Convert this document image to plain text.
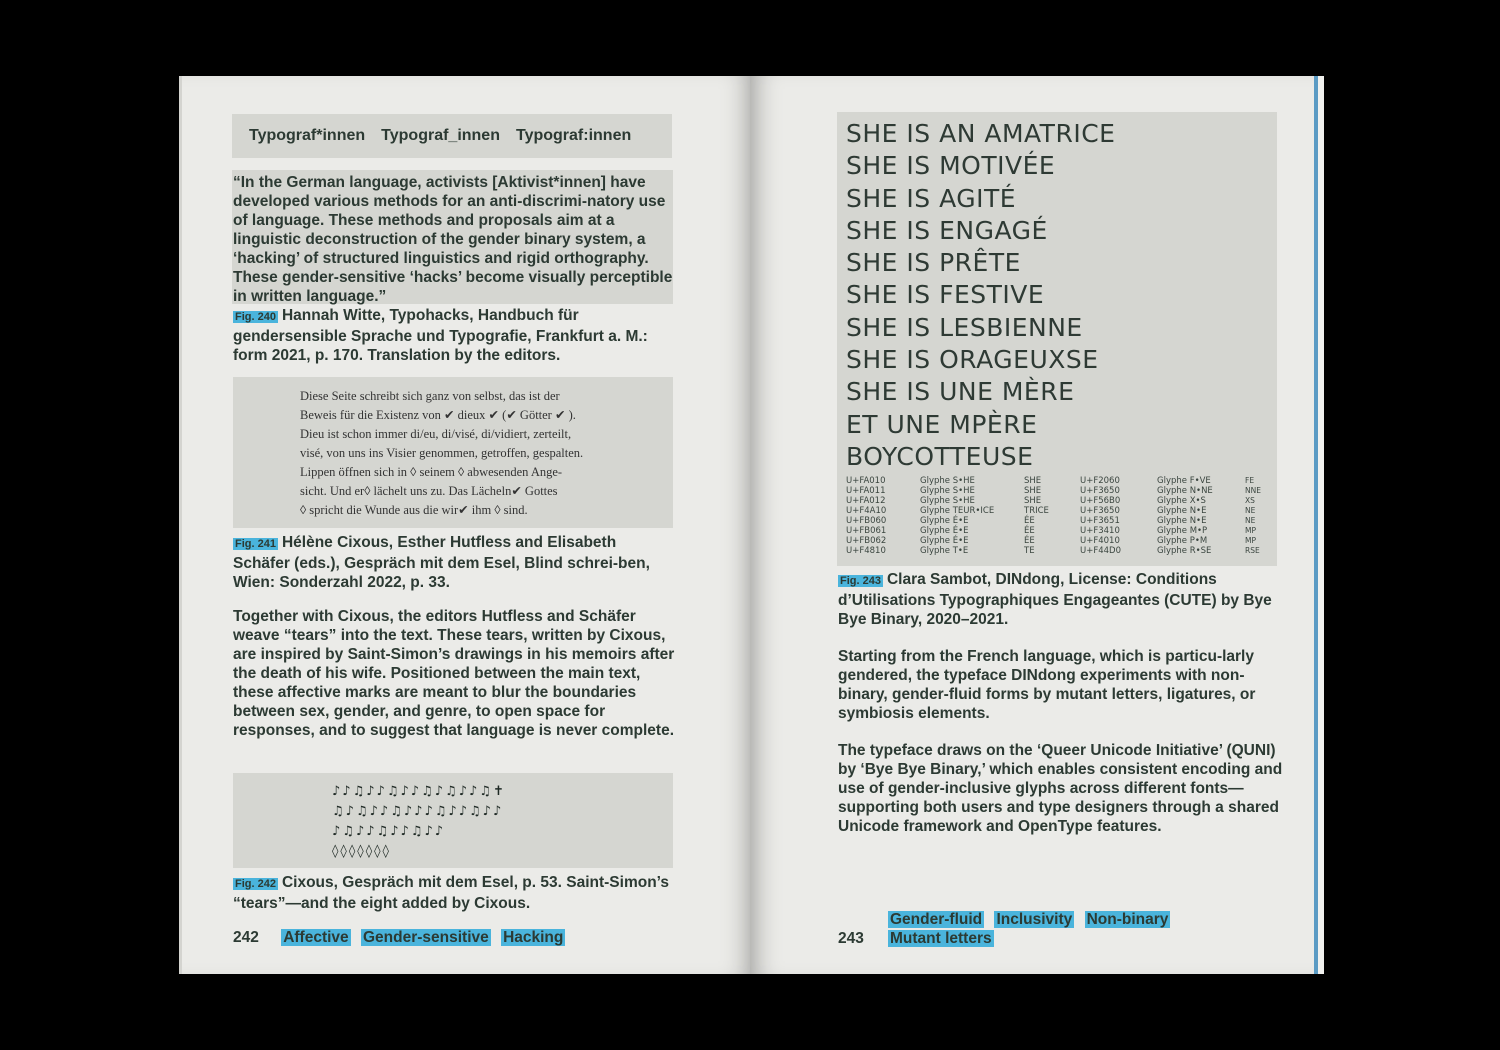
Typograf*innen Typograf_innen Typograf:innen

“In the German language, activists [Aktivist*innen] have developed various methods for an anti-discrimi-natory use of language. These methods and proposals aim at a linguistic deconstruction of the gender binary system, a ‘hacking’ of structured linguistics and rigid orthography. These gender-sensitive ‘hacks’ become visually perceptible in written language.”

Fig. 240 Hannah Witte, Typohacks, Handbuch für gendersensible Sprache und Typografie, Frankfurt a. M.: form 2021, p. 170. Translation by the editors.

Diese Seite schreibt sich ganz von selbst, das ist der

Beweis für die Existenz von ✔ dieux ✔ (✔ Götter ✔ ).

Dieu ist schon immer di/eu, di/visé, di/vidiert, zerteilt,

visé, von uns ins Visier genommen, getroffen, gespalten.

Lippen öffnen sich in ◊ seinem ◊ abwesenden Ange-

sicht. Und er◊ lächelt uns zu. Das Lächeln✔ Gottes

◊ spricht die Wunde aus die wir✔ ihm ◊ sind.

Fig. 241 Hélène Cixous, Esther Hutfless and Elisabeth Schäfer (eds.), Gespräch mit dem Esel, Blind schrei-ben, Wien: Sonderzahl 2022, p. 33.

Together with Cixous, the editors Hutfless and Schäfer weave “tears” into the text. These tears, written by Cixous, are inspired by Saint-Simon’s drawings in his memoirs after the death of his wife. Positioned between the main text, these affective marks are meant to blur the boundaries between sex, gender, and genre, to open space for responses, and to suggest that language is never complete.

♪♪♫♪♪♫♪♪♫♪♫♪♪♫✝
♫♪♫♪♪♫♪♪♪♫♪♪♫♪♪
♪♫♪♪♫♪♪♫♪♪
◊◊◊◊◊◊◊

Fig. 242 Cixous, Gespräch mit dem Esel, p. 53. Saint-Simon’s “tears”—and the eight added by Cixous.

242 Affective Gender-sensitive Hacking
SHE IS AN AMATRICE
SHE IS MOTIVÉE
SHE IS AGITÉ
SHE IS ENGAGÉ
SHE IS PRÊTE
SHE IS FESTIVE
SHE IS LESBIENNE
SHE IS ORAGEUXSE
SHE IS UNE MÈRE
ET UNE MPÈRE
BOYCOTTEUSE
U+FA010	Glyphe S•HE	SHE	U+F2060	Glyphe F•VE	FE
U+FA011	Glyphe S•HE	SHE	U+F3650	Glyphe N•NE	NNE
U+FA012	Glyphe S•HE	SHE	U+F56B0	Glyphe X•S	XS
U+F4A10	Glyphe TEUR•ICE	TRICE	U+F3650	Glyphe N•E	NE
U+FB060	Glyphe É•E	ÉE	U+F3651	Glyphe N•E	NE
U+FB061	Glyphe É•E	ÉE	U+F3410	Glyphe M•P	MP
U+FB062	Glyphe É•E	ÉE	U+F4010	Glyphe P•M	MP
U+F4810	Glyphe T•E	TE	U+F44D0	Glyphe R•SE	RSE

Fig. 243 Clara Sambot, DINdong, License: Conditions d’Utilisations Typographiques Engageantes (CUTE) by Bye Bye Binary, 2020–2021.

Starting from the French language, which is particu-larly gendered, the typeface DINdong experiments with non-binary, gender-fluid forms by mutant letters, ligatures, or symbiosis elements.

The typeface draws on the ‘Queer Unicode Initiative’ (QUNI) by ‘Bye Bye Binary,’ which enables consistent encoding and use of gender-inclusive glyphs across different fonts—supporting both users and type designers through a shared Unicode framework and OpenType features.

243
Gender-fluid Inclusivity Non-binary
Mutant letters
